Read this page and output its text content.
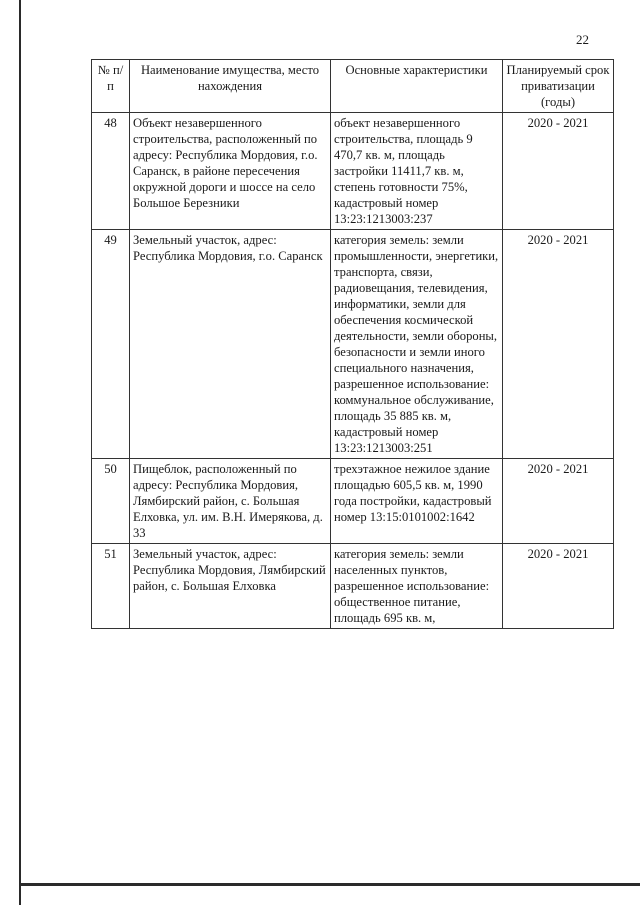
22
№ п/п	Наименование имущества, место нахождения	Основные характеристики	Планируемый срок приватизации (годы)
48	Объект незавершенного строительства, расположенный по адресу: Республика Мордовия, г.о. Саранск, в районе пересечения окружной дороги и шоссе на село Большое Березники	объект незавершенного строительства, площадь 9 470,7 кв. м, площадь застройки 11411,7 кв. м, степень готовности 75%, кадастровый номер 13:23:1213003:237	2020 - 2021
49	Земельный участок, адрес: Республика Мордовия, г.о. Саранск	категория земель: земли промышленности, энергетики, транспорта, связи, радиовещания, телевидения, информатики, земли для обеспечения космической деятельности, земли обороны, безопасности и земли иного специального назначения, разрешенное использование: коммунальное обслуживание, площадь 35 885 кв. м, кадастровый номер 13:23:1213003:251	2020 - 2021
50	Пищеблок, расположенный по адресу: Республика Мордовия, Лямбирский район, с. Большая Елховка, ул. им. В.Н. Имерякова, д. 33	трехэтажное нежилое здание площадью 605,5 кв. м, 1990 года постройки, кадастровый номер 13:15:0101002:1642	2020 - 2021
51	Земельный участок, адрес: Республика Мордовия, Лямбирский район, с. Большая Елховка	категория земель: земли населенных пунктов, разрешенное использование: общественное питание, площадь 695 кв. м,	2020 - 2021
